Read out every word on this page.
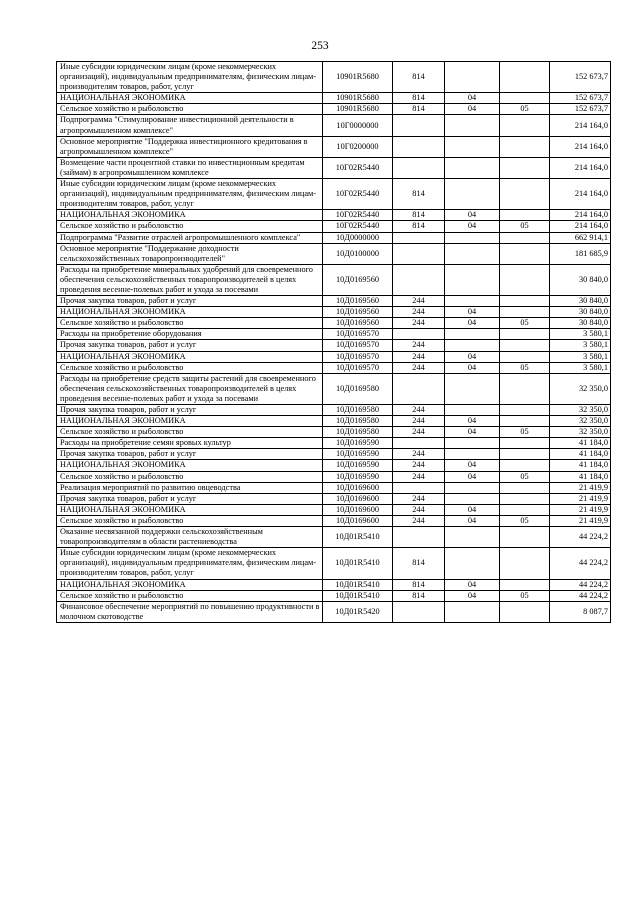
253
Иные субсидии юридическим лицам (кроме некоммерческих организаций), индивидуальным предпринимателям, физическим лицам-производителям товаров, работ, услуг	10901R5680	814			152 673,7
НАЦИОНАЛЬНАЯ ЭКОНОМИКА	10901R5680	814	04		152 673,7
Сельское хозяйство и рыболовство	10901R5680	814	04	05	152 673,7
Подпрограмма "Стимулирование инвестиционной деятельности в агропромышленном комплексе"	10Г0000000				214 164,0
Основное мероприятие "Поддержка инвестиционного кредитования в агропромышленном комплексе"	10Г0200000				214 164,0
Возмещение части процентной ставки по инвестиционным кредитам (займам) в агропромышленном комплексе	10Г02R5440				214 164,0
Иные субсидии юридическим лицам (кроме некоммерческих организаций), индивидуальным предпринимателям, физическим лицам-производителям товаров, работ, услуг	10Г02R5440	814			214 164,0
НАЦИОНАЛЬНАЯ ЭКОНОМИКА	10Г02R5440	814	04		214 164,0
Сельское хозяйство и рыболовство	10Г02R5440	814	04	05	214 164,0
Подпрограмма "Развитие отраслей агропромышленного комплекса"	10Д0000000				662 914,1
Основное мероприятие "Поддержание доходности сельскохозяйственных товаропроизводителей"	10Д0100000				181 685,9
Расходы на приобретение минеральных удобрений для своевременного обеспечения сельскохозяйственных товаропроизводителей в целях проведения весенне-полевых работ и ухода за посевами	10Д0169560				30 840,0
Прочая закупка товаров, работ и услуг	10Д0169560	244			30 840,0
НАЦИОНАЛЬНАЯ ЭКОНОМИКА	10Д0169560	244	04		30 840,0
Сельское хозяйство и рыболовство	10Д0169560	244	04	05	30 840,0
Расходы на приобретение оборудования	10Д0169570				3 580,1
Прочая закупка товаров, работ и услуг	10Д0169570	244			3 580,1
НАЦИОНАЛЬНАЯ ЭКОНОМИКА	10Д0169570	244	04		3 580,1
Сельское хозяйство и рыболовство	10Д0169570	244	04	05	3 580,1
Расходы на приобретение средств защиты растений для своевременного обеспечения сельскохозяйственных товаропроизводителей в целях проведения весенне-полевых работ и ухода за посевами	10Д0169580				32 350,0
Прочая закупка товаров, работ и услуг	10Д0169580	244			32 350,0
НАЦИОНАЛЬНАЯ ЭКОНОМИКА	10Д0169580	244	04		32 350,0
Сельское хозяйство и рыболовство	10Д0169580	244	04	05	32 350,0
Расходы на приобретение семян яровых культур	10Д0169590				41 184,0
Прочая закупка товаров, работ и услуг	10Д0169590	244			41 184,0
НАЦИОНАЛЬНАЯ ЭКОНОМИКА	10Д0169590	244	04		41 184,0
Сельское хозяйство и рыболовство	10Д0169590	244	04	05	41 184,0
Реализация мероприятий по развитию овцеводства	10Д0169600				21 419,9
Прочая закупка товаров, работ и услуг	10Д0169600	244			21 419,9
НАЦИОНАЛЬНАЯ ЭКОНОМИКА	10Д0169600	244	04		21 419,9
Сельское хозяйство и рыболовство	10Д0169600	244	04	05	21 419,9
Оказание несвязанной поддержки сельскохозяйственным товаропроизводителям в области растениеводства	10Д01R5410				44 224,2
Иные субсидии юридическим лицам (кроме некоммерческих организаций), индивидуальным предпринимателям, физическим лицам-производителям товаров, работ, услуг	10Д01R5410	814			44 224,2
НАЦИОНАЛЬНАЯ ЭКОНОМИКА	10Д01R5410	814	04		44 224,2
Сельское хозяйство и рыболовство	10Д01R5410	814	04	05	44 224,2
Финансовое обеспечение мероприятий по повышению продуктивности в молочном скотоводстве	10Д01R5420				8 087,7
